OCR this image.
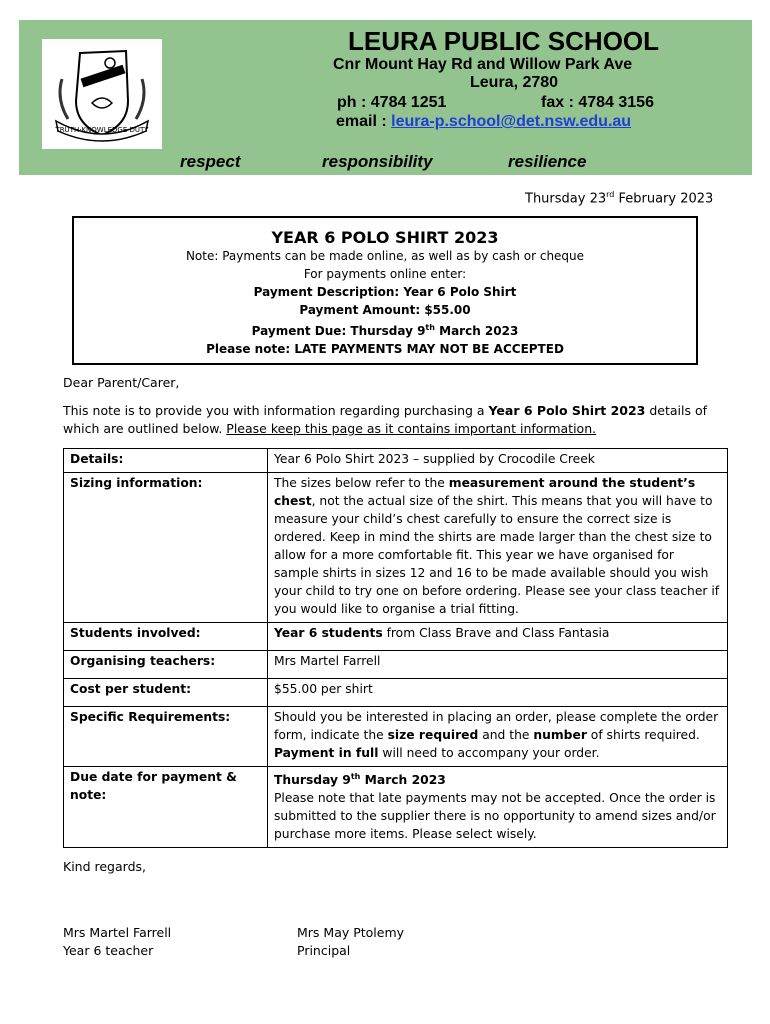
LEURA
TRUTH·KNOWLEDGE·DUTY
LEURA PUBLIC SCHOOL
Cnr Mount Hay Rd and Willow Park Ave
Leura, 2780
ph : 4784 1251	fax : 4784 3156
email : leura-p.school@det.nsw.edu.au
respect	responsibility	resilience
Thursday 23rd February 2023
YEAR 6 POLO SHIRT 2023
Note: Payments can be made online, as well as by cash or cheque
For payments online enter:
Payment Description: Year 6 Polo Shirt
Payment Amount: $55.00
Payment Due: Thursday 9th March 2023
Please note: LATE PAYMENTS MAY NOT BE ACCEPTED
Dear Parent/Carer,
This note is to provide you with information regarding purchasing a Year 6 Polo Shirt 2023 details of which are outlined below. Please keep this page as it contains important information.
Details:	Year 6 Polo Shirt 2023 – supplied by Crocodile Creek
Sizing information:	The sizes below refer to the measurement around the student’s chest, not the actual size of the shirt. This means that you will have to measure your child’s chest carefully to ensure the correct size is ordered. Keep in mind the shirts are made larger than the chest size to allow for a more comfortable fit. This year we have organised for sample shirts in sizes 12 and 16 to be made available should you wish your child to try one on before ordering. Please see your class teacher if you would like to organise a trial fitting.
Students involved:	Year 6 students from Class Brave and Class Fantasia
Organising teachers:	Mrs Martel Farrell
Cost per student:	$55.00 per shirt
Specific Requirements:	Should you be interested in placing an order, please complete the order form, indicate the size required and the number of shirts required. Payment in full will need to accompany your order.
Due date for payment & note:	Thursday 9th March 2023
Please note that late payments may not be accepted. Once the order is submitted to the supplier there is no opportunity to amend sizes and/or purchase more items. Please select wisely.
Kind regards,
Mrs Martel Farrell
Year 6 teacher
Mrs May Ptolemy
Principal
